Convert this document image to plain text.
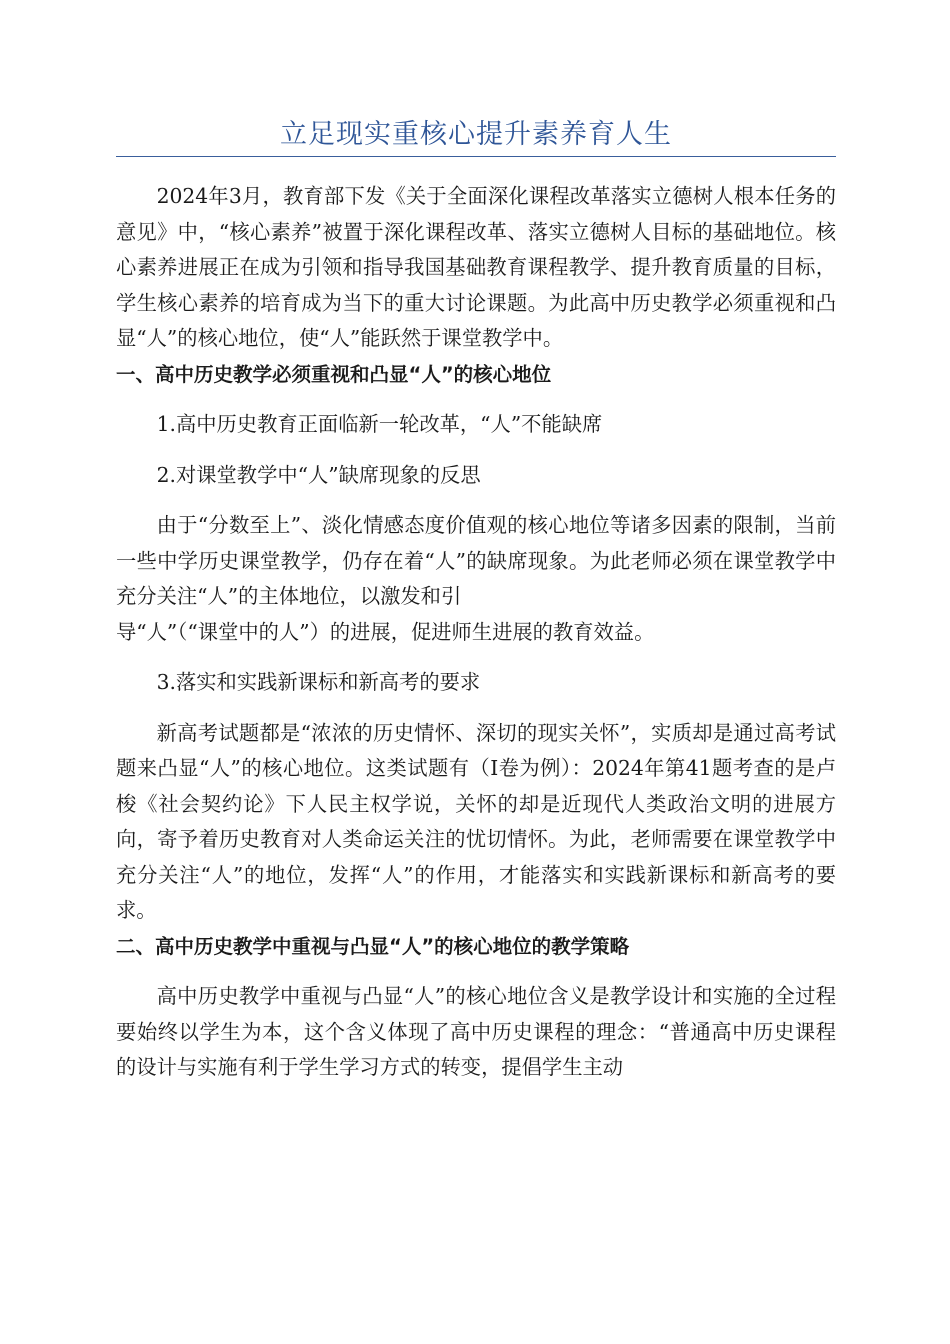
立足现实重核心提升素养育人生

2024年3月，教育部下发《关于全面深化课程改革落实立德树人根本任务的意见》中，“核心素养”被置于深化课程改革、落实立德树人目标的基础地位。核心素养进展正在成为引领和指导我国基础教育课程教学、提升教育质量的目标，学生核心素养的培育成为当下的重大讨论课题。为此高中历史教学必须重视和凸显“人”的核心地位，使“人”能跃然于课堂教学中。

一、高中历史教学必须重视和凸显“人”的核心地位

1.高中历史教育正面临新一轮改革，“人”不能缺席

2.对课堂教学中“人”缺席现象的反思

由于“分数至上”、淡化情感态度价值观的核心地位等诸多因素的限制，当前一些中学历史课堂教学，仍存在着“人”的缺席现象。为此老师必须在课堂教学中充分关注“人”的主体地位，以激发和引

导“人”（“课堂中的人”）的进展，促进师生进展的教育效益。

3.落实和实践新课标和新高考的要求

新高考试题都是“浓浓的历史情怀、深切的现实关怀”，实质却是通过高考试题来凸显“人”的核心地位。这类试题有（Ⅰ卷为例）：2024年第41题考查的是卢梭《社会契约论》下人民主权学说，关怀的却是近现代人类政治文明的进展方向，寄予着历史教育对人类命运关注的忧切情怀。为此，老师需要在课堂教学中充分关注“人”的地位，发挥“人”的作用，才能落实和实践新课标和新高考的要求。

二、高中历史教学中重视与凸显“人”的核心地位的教学策略

高中历史教学中重视与凸显“人”的核心地位含义是教学设计和实施的全过程要始终以学生为本，这个含义体现了高中历史课程的理念：“普通高中历史课程的设计与实施有利于学生学习方式的转变，提倡学生主动
